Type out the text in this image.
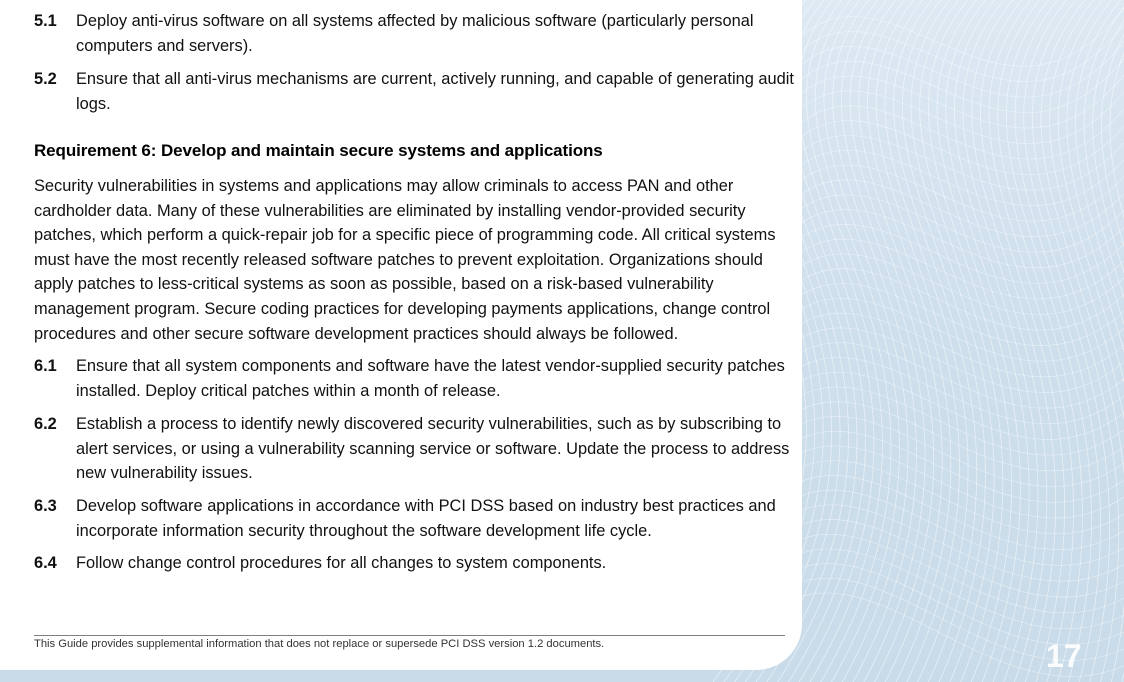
5.1 Deploy anti-virus software on all systems affected by malicious software (particularly personal computers and servers).
5.2 Ensure that all anti-virus mechanisms are current, actively running, and capable of generating audit logs.
Requirement 6: Develop and maintain secure systems and applications
Security vulnerabilities in systems and applications may allow criminals to access PAN and other cardholder data. Many of these vulnerabilities are eliminated by installing vendor-provided security patches, which perform a quick-repair job for a specific piece of programming code. All critical systems must have the most recently released software patches to prevent exploitation. Organizations should apply patches to less-critical systems as soon as possible, based on a risk-based vulnerability management program. Secure coding practices for developing payments applications, change control procedures and other secure software development practices should always be followed.
6.1 Ensure that all system components and software have the latest vendor-supplied security patches installed. Deploy critical patches within a month of release.
6.2 Establish a process to identify newly discovered security vulnerabilities, such as by subscribing to alert services, or using a vulnerability scanning service or software. Update the process to address new vulnerability issues.
6.3 Develop software applications in accordance with PCI DSS based on industry best practices and incorporate information security throughout the software development life cycle.
6.4 Follow change control procedures for all changes to system components.
This Guide provides supplemental information that does not replace or supersede PCI DSS version 1.2 documents.	17
